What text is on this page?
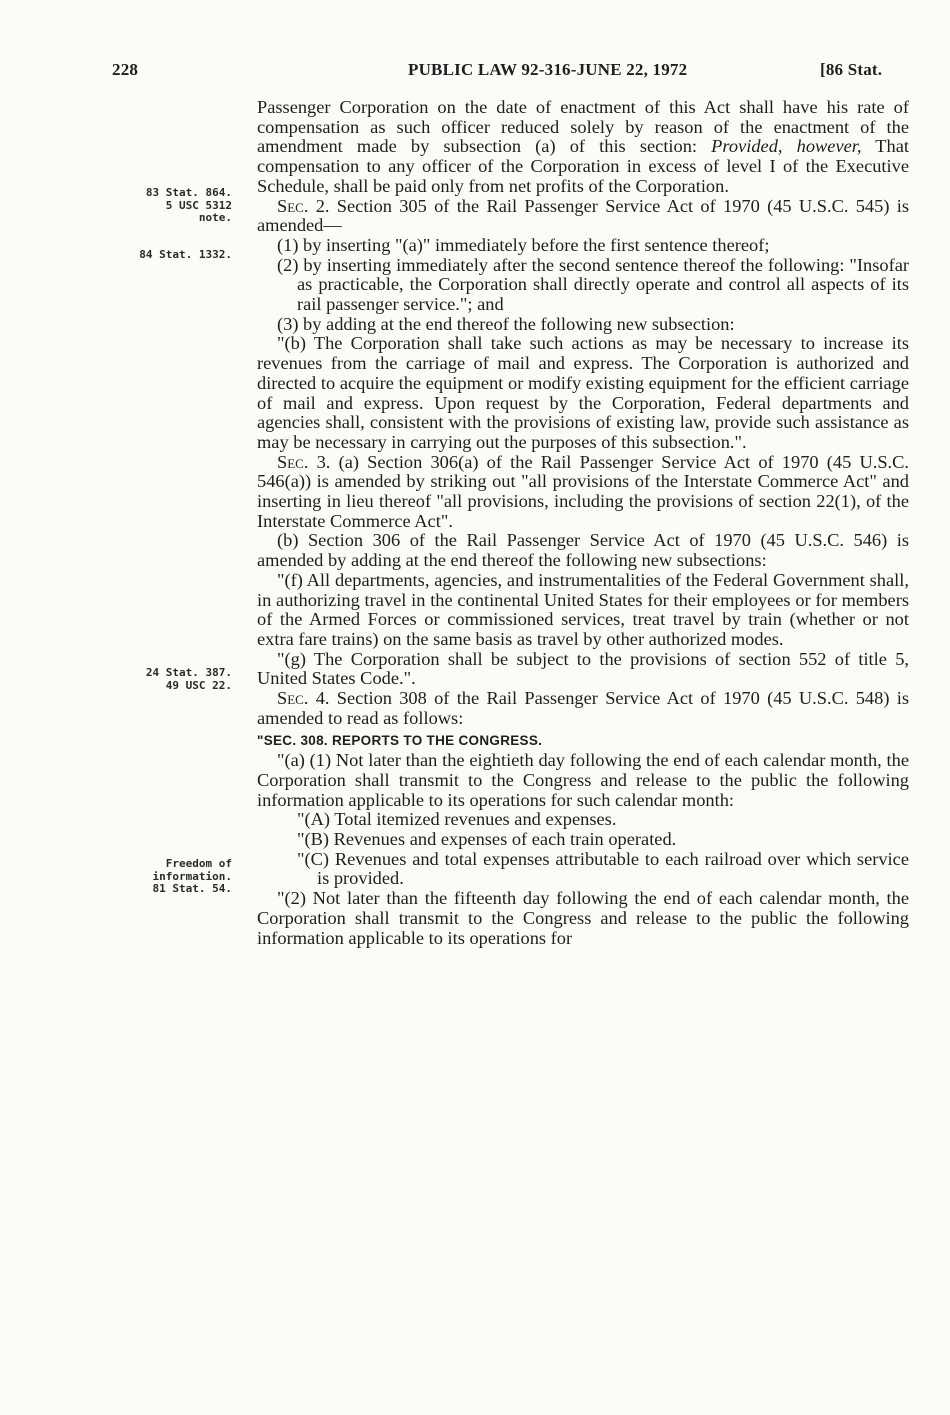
228	PUBLIC LAW 92-316-JUNE 22, 1972	[86 Stat.
83 Stat. 864.
5 USC 5312
note.
84 Stat. 1332.
24 Stat. 387.
49 USC 22.
Freedom of
information.
81 Stat. 54.

Passenger Corporation on the date of enactment of this Act shall have his rate of compensation as such officer reduced solely by reason of the enactment of the amendment made by subsection (a) of this section: Provided, however, That compensation to any officer of the Corporation in excess of level I of the Executive Schedule, shall be paid only from net profits of the Corporation.

Sec. 2. Section 305 of the Rail Passenger Service Act of 1970 (45 U.S.C. 545) is amended—

(1) by inserting "(a)" immediately before the first sentence thereof;

(2) by inserting immediately after the second sentence thereof the following: "Insofar as practicable, the Corporation shall directly operate and control all aspects of its rail passenger service."; and

(3) by adding at the end thereof the following new subsection:

"(b) The Corporation shall take such actions as may be necessary to increase its revenues from the carriage of mail and express. The Corporation is authorized and directed to acquire the equipment or modify existing equipment for the efficient carriage of mail and express. Upon request by the Corporation, Federal departments and agencies shall, consistent with the provisions of existing law, provide such assistance as may be necessary in carrying out the purposes of this subsection.".

Sec. 3. (a) Section 306(a) of the Rail Passenger Service Act of 1970 (45 U.S.C. 546(a)) is amended by striking out "all provisions of the Interstate Commerce Act" and inserting in lieu thereof "all provisions, including the provisions of section 22(1), of the Interstate Commerce Act".

(b) Section 306 of the Rail Passenger Service Act of 1970 (45 U.S.C. 546) is amended by adding at the end thereof the following new subsections:

"(f) All departments, agencies, and instrumentalities of the Federal Government shall, in authorizing travel in the continental United States for their employees or for members of the Armed Forces or commissioned services, treat travel by train (whether or not extra fare trains) on the same basis as travel by other authorized modes.

"(g) The Corporation shall be subject to the provisions of section 552 of title 5, United States Code.".

Sec. 4. Section 308 of the Rail Passenger Service Act of 1970 (45 U.S.C. 548) is amended to read as follows:

"SEC. 308. REPORTS TO THE CONGRESS.

"(a) (1) Not later than the eightieth day following the end of each calendar month, the Corporation shall transmit to the Congress and release to the public the following information applicable to its operations for such calendar month:

"(A) Total itemized revenues and expenses.

"(B) Revenues and expenses of each train operated.

"(C) Revenues and total expenses attributable to each railroad over which service is provided.

"(2) Not later than the fifteenth day following the end of each calendar month, the Corporation shall transmit to the Congress and release to the public the following information applicable to its operations for
